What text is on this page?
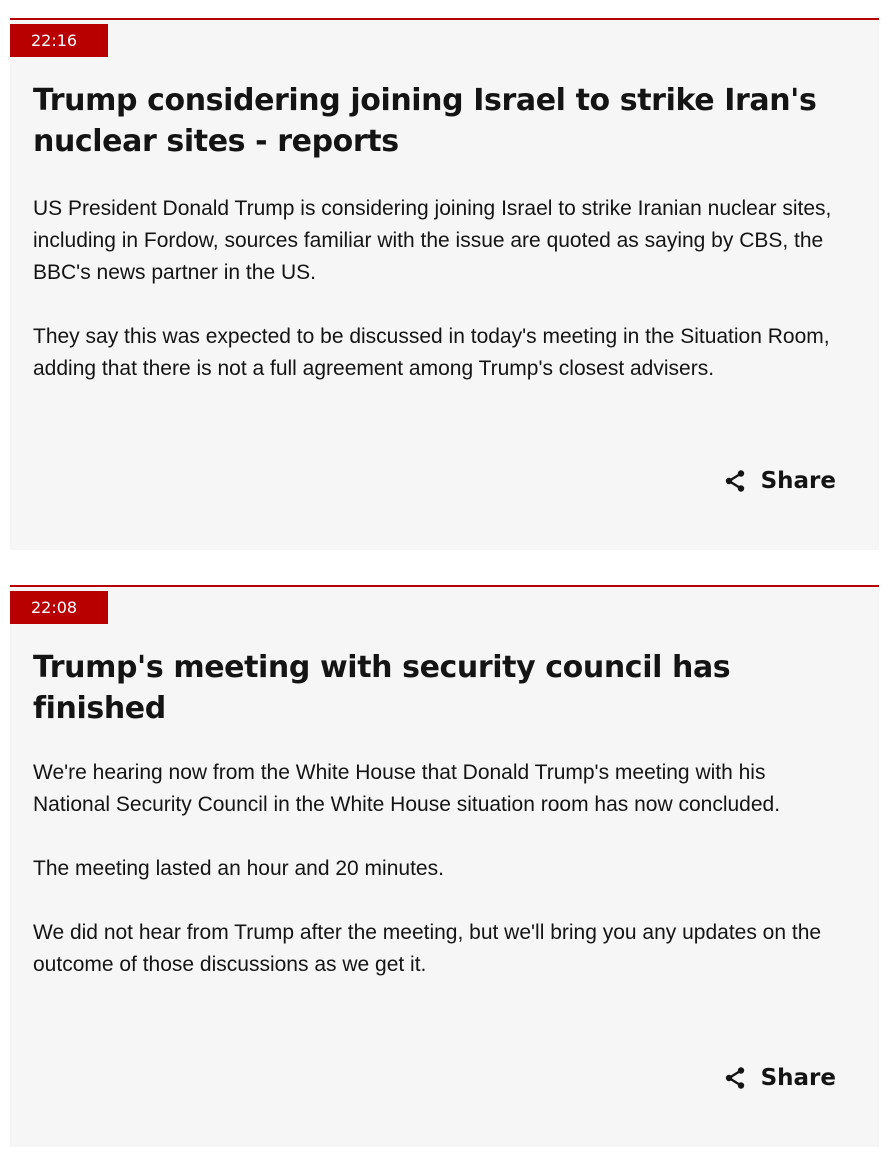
22:16
Trump considering joining Israel to strike Iran's nuclear sites - reports

US President Donald Trump is considering joining Israel to strike Iranian nuclear sites, including in Fordow, sources familiar with the issue are quoted as saying by CBS, the BBC's news partner in the US.

They say this was expected to be discussed in today's meeting in the Situation Room, adding that there is not a full agreement among Trump's closest advisers.

Share
22:08
Trump's meeting with security council has finished

We're hearing now from the White House that Donald Trump's meeting with his National Security Council in the White House situation room has now concluded.

The meeting lasted an hour and 20 minutes.

We did not hear from Trump after the meeting, but we'll bring you any updates on the outcome of those discussions as we get it.

Share
